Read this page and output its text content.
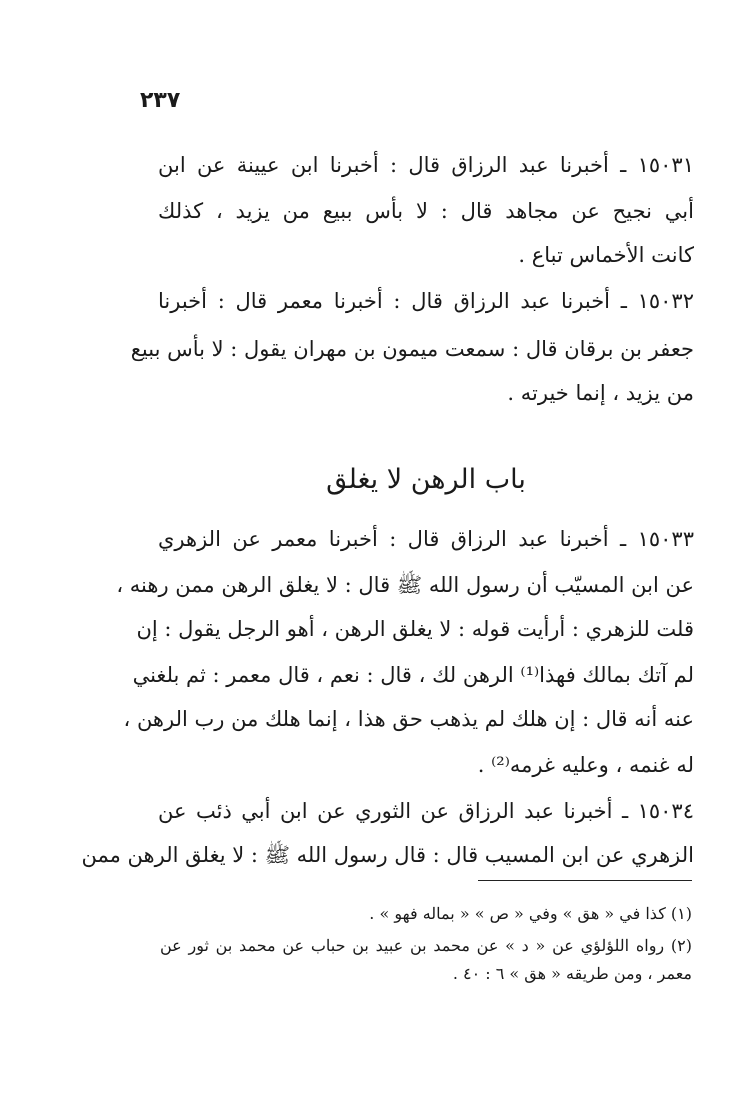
٢٣٧
١٥٠٣١ ـ أخبرنا عبد الرزاق قال : أخبرنا ابن عيينة عن ابن
أبي نجيح عن مجاهد قال : لا بأس ببيع من يزيد ، كذلك
كانت الأخماس تباع .
١٥٠٣٢ ـ أخبرنا عبد الرزاق قال : أخبرنا معمر قال : أخبرنا
جعفر بن برقان قال : سمعت ميمون بن مهران يقول : لا بأس ببيع
من يزيد ، إنما خيرته .
باب الرهن لا يغلق
١٥٠٣٣ ـ أخبرنا عبد الرزاق قال : أخبرنا معمر عن الزهري
عن ابن المسيّب أن رسول الله ﷺ قال : لا يغلق الرهن ممن رهنه ،
قلت للزهري : أرأيت قوله : لا يغلق الرهن ، أهو الرجل يقول : إن
لم آتك بمالك فهذا⁽¹⁾ الرهن لك ، قال : نعم ، قال معمر : ثم بلغني
عنه أنه قال : إن هلك لم يذهب حق هذا ، إنما هلك من رب الرهن ،
له غنمه ، وعليه غرمه⁽²⁾ .
١٥٠٣٤ ـ أخبرنا عبد الرزاق عن الثوري عن ابن أبي ذئب عن
الزهري عن ابن المسيب قال : قال رسول الله ﷺ : لا يغلق الرهن ممن
(١) كذا في « هق » وفي « ص » « بماله فهو » .
(٢) رواه اللؤلؤي عن « د » عن محمد بن عبيد بن حباب عن محمد بن ثور عن
معمر ، ومن طريقه « هق » ٦ : ٤٠ .
